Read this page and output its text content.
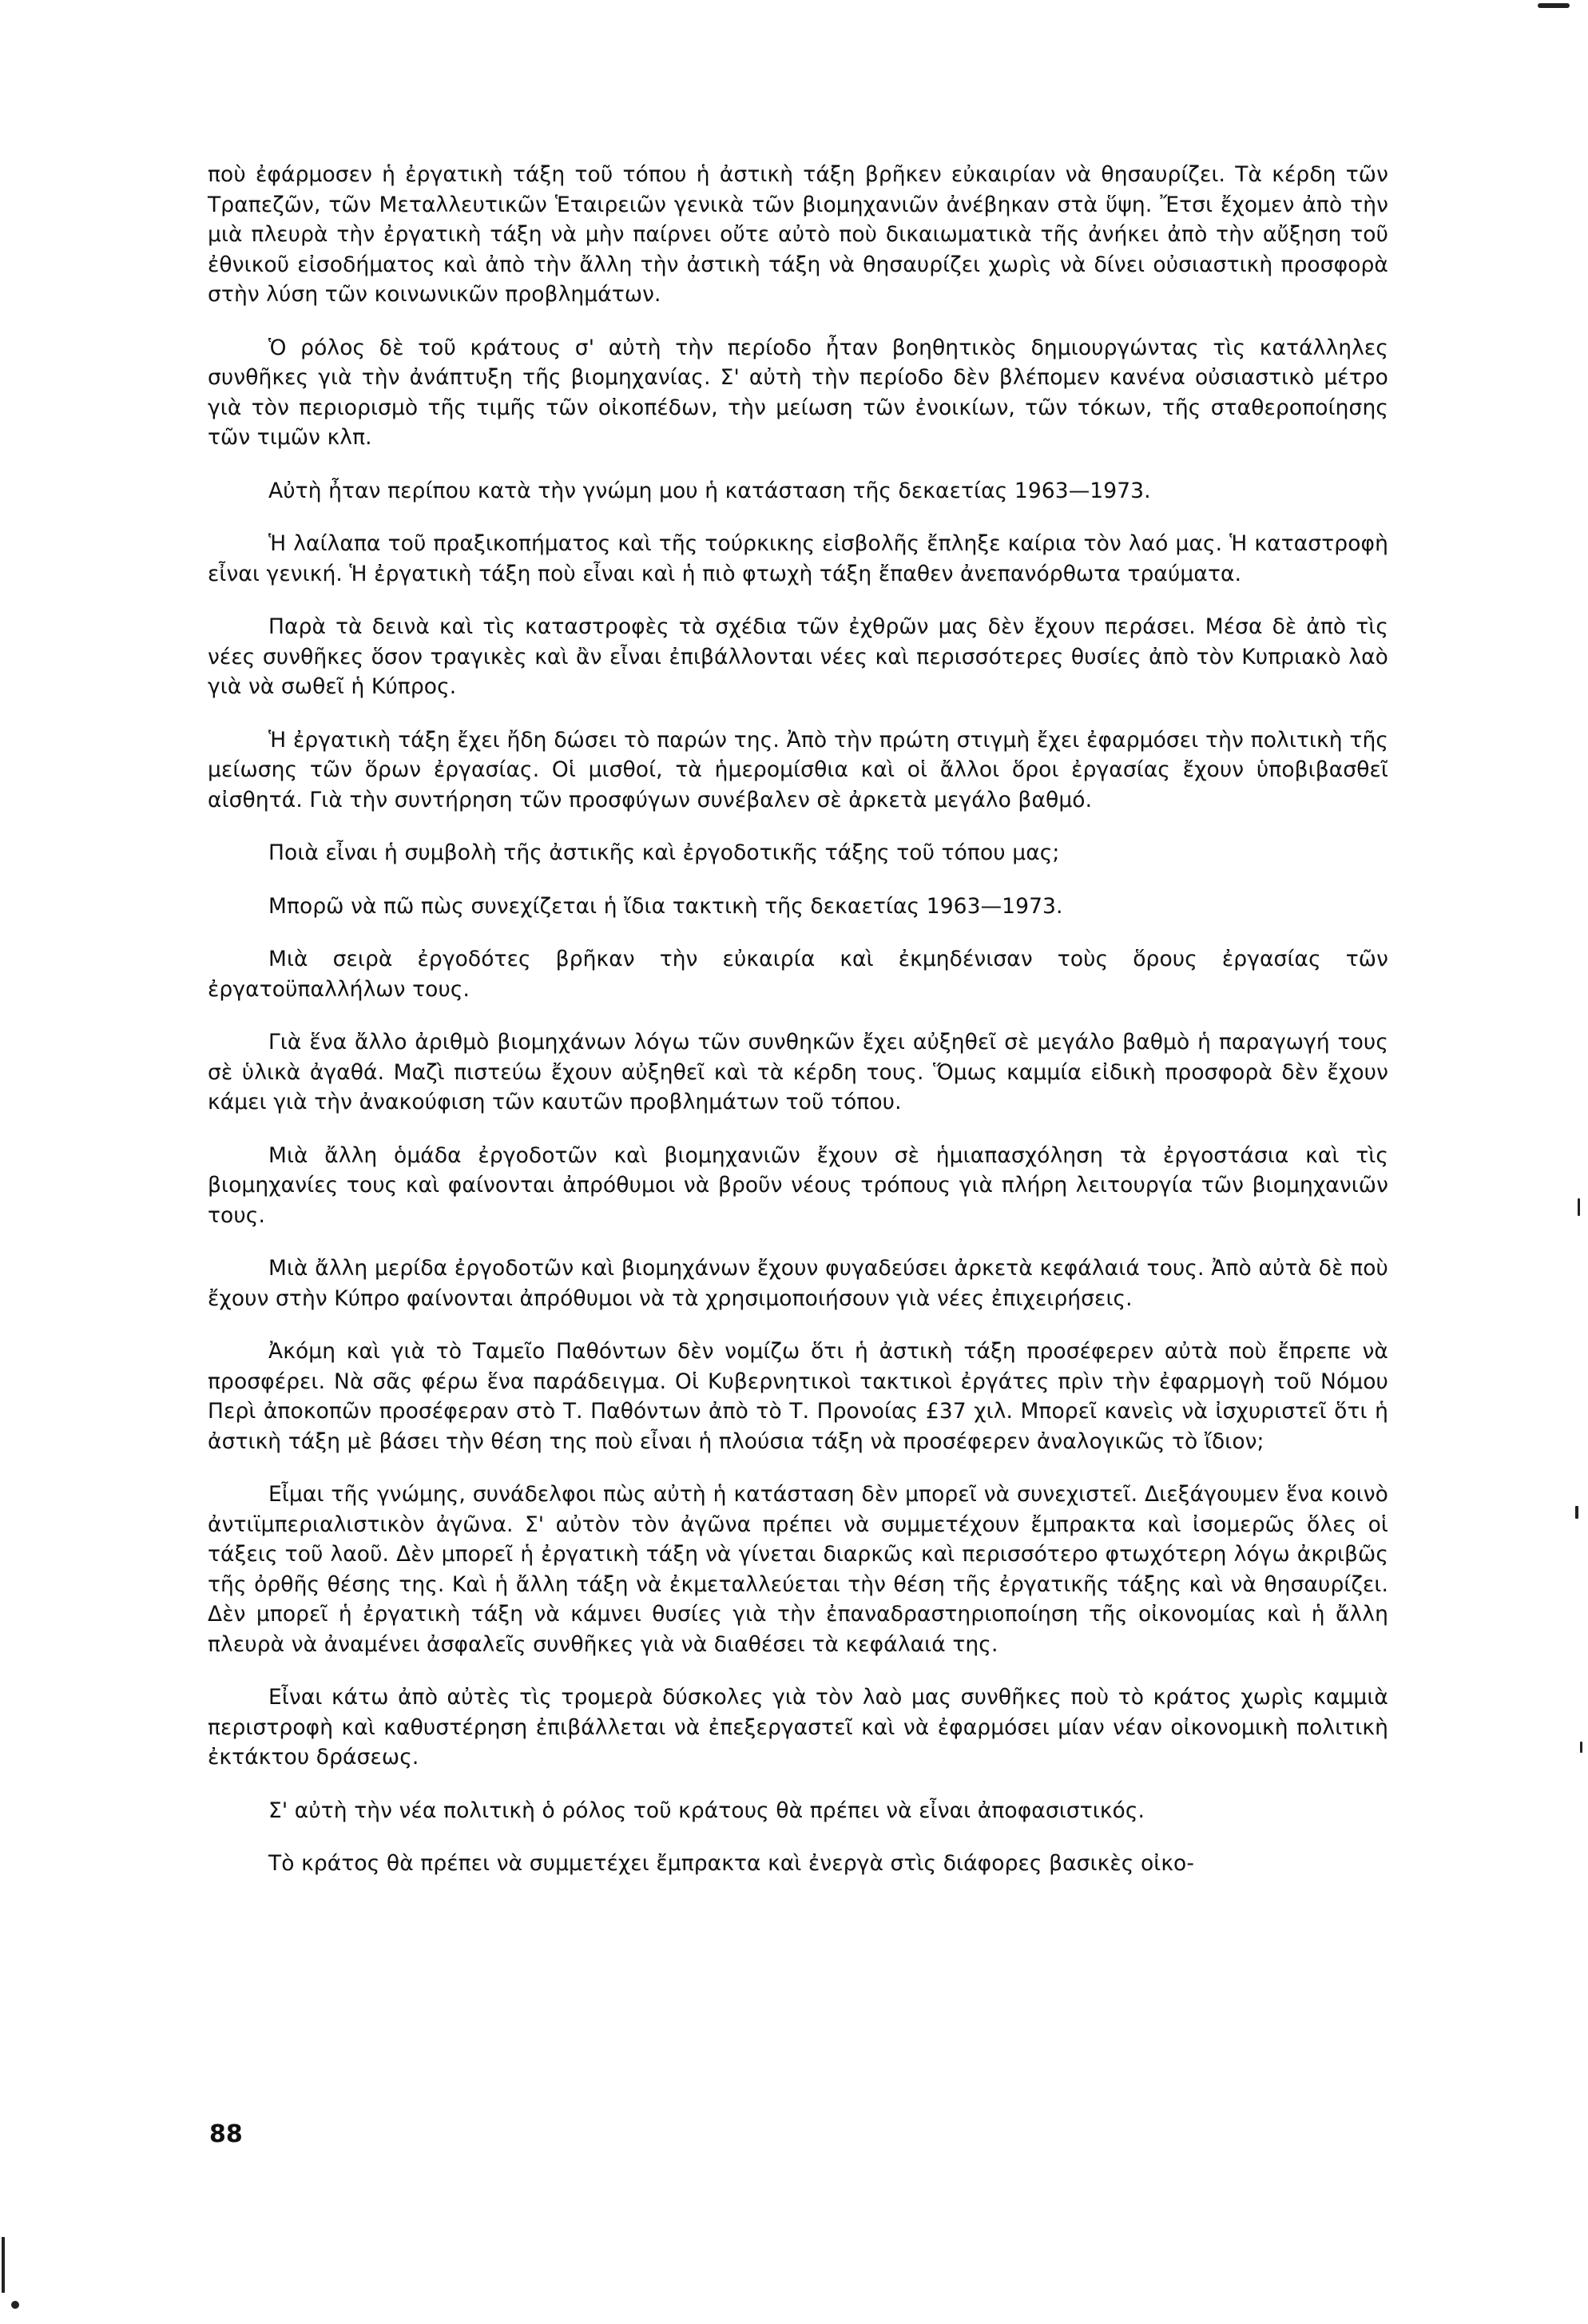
ποὺ ἐφάρμοσεν ἡ ἐργατικὴ τάξη τοῦ τόπου ἡ ἀστικὴ τάξη βρῆκεν εὐκαιρίαν νὰ θησαυρίζει. Τὰ κέρδη τῶν Τραπεζῶν, τῶν Μεταλλευτικῶν Ἑταιρειῶν γενικὰ τῶν βιομηχανιῶν ἀνέβηκαν στὰ ὕψη. Ἔτσι ἔχομεν ἀπὸ τὴν μιὰ πλευρὰ τὴν ἐργατικὴ τάξη νὰ μὴν παίρνει οὔτε αὐτὸ ποὺ δικαιωματικὰ τῆς ἀνήκει ἀπὸ τὴν αὔξηση τοῦ ἐθνικοῦ εἰσοδήματος καὶ ἀπὸ τὴν ἄλλη τὴν ἀστικὴ τάξη νὰ θησαυρίζει χωρὶς νὰ δίνει οὐσιαστικὴ προσφορὰ στὴν λύση τῶν κοινωνικῶν προβλημάτων.

Ὁ ρόλος δὲ τοῦ κράτους σ' αὐτὴ τὴν περίοδο ἦταν βοηθητικὸς δημιουργώντας τὶς κατάλληλες συνθῆκες γιὰ τὴν ἀνάπτυξη τῆς βιομηχανίας. Σ' αὐτὴ τὴν περίοδο δὲν βλέπομεν κανένα οὐσιαστικὸ μέτρο γιὰ τὸν περιορισμὸ τῆς τιμῆς τῶν οἰκοπέδων, τὴν μείωση τῶν ἐνοικίων, τῶν τόκων, τῆς σταθεροποίησης τῶν τιμῶν κλπ.

Αὐτὴ ἦταν περίπου κατὰ τὴν γνώμη μου ἡ κατάσταση τῆς δεκαετίας 1963—1973.

Ἡ λαίλαπα τοῦ πραξικοπήματος καὶ τῆς τούρκικης εἰσβολῆς ἔπληξε καίρια τὸν λαό μας. Ἡ καταστροφὴ εἶναι γενική. Ἡ ἐργατικὴ τάξη ποὺ εἶναι καὶ ἡ πιὸ φτωχὴ τάξη ἔπαθεν ἀνεπανόρθωτα τραύματα.

Παρὰ τὰ δεινὰ καὶ τὶς καταστροφὲς τὰ σχέδια τῶν ἐχθρῶν μας δὲν ἔχουν περάσει. Μέσα δὲ ἀπὸ τὶς νέες συνθῆκες ὅσον τραγικὲς καὶ ἂν εἶναι ἐπιβάλλονται νέες καὶ περισσότερες θυσίες ἀπὸ τὸν Κυπριακὸ λαὸ γιὰ νὰ σωθεῖ ἡ Κύπρος.

Ἡ ἐργατικὴ τάξη ἔχει ἤδη δώσει τὸ παρών της. Ἀπὸ τὴν πρώτη στιγμὴ ἔχει ἐφαρμόσει τὴν πολιτικὴ τῆς μείωσης τῶν ὅρων ἐργασίας. Οἱ μισθοί, τὰ ἡμερομίσθια καὶ οἱ ἄλλοι ὅροι ἐργασίας ἔχουν ὑποβιβασθεῖ αἰσθητά. Γιὰ τὴν συντήρηση τῶν προσφύγων συνέβαλεν σὲ ἀρκετὰ μεγάλο βαθμό.

Ποιὰ εἶναι ἡ συμβολὴ τῆς ἀστικῆς καὶ ἐργοδοτικῆς τάξης τοῦ τόπου μας;

Μπορῶ νὰ πῶ πὼς συνεχίζεται ἡ ἴδια τακτικὴ τῆς δεκαετίας 1963—1973.

Μιὰ σειρὰ ἐργοδότες βρῆκαν τὴν εὐκαιρία καὶ ἐκμηδένισαν τοὺς ὅρους ἐργασίας τῶν ἐργατοϋπαλλήλων τους.

Γιὰ ἕνα ἄλλο ἀριθμὸ βιομηχάνων λόγω τῶν συνθηκῶν ἔχει αὐξηθεῖ σὲ μεγάλο βαθμὸ ἡ παραγωγή τους σὲ ὑλικὰ ἀγαθά. Μαζὶ πιστεύω ἔχουν αὐξηθεῖ καὶ τὰ κέρδη τους. Ὅμως καμμία εἰδικὴ προσφορὰ δὲν ἔχουν κάμει γιὰ τὴν ἀνακούφιση τῶν καυτῶν προβλημάτων τοῦ τόπου.

Μιὰ ἄλλη ὁμάδα ἐργοδοτῶν καὶ βιομηχανιῶν ἔχουν σὲ ἡμιαπασχόληση τὰ ἐργοστάσια καὶ τὶς βιομηχανίες τους καὶ φαίνονται ἀπρόθυμοι νὰ βροῦν νέους τρόπους γιὰ πλήρη λειτουργία τῶν βιομηχανιῶν τους.

Μιὰ ἄλλη μερίδα ἐργοδοτῶν καὶ βιομηχάνων ἔχουν φυγαδεύσει ἀρκετὰ κεφάλαιά τους. Ἀπὸ αὐτὰ δὲ ποὺ ἔχουν στὴν Κύπρο φαίνονται ἀπρόθυμοι νὰ τὰ χρησιμοποιήσουν γιὰ νέες ἐπιχειρήσεις.

Ἀκόμη καὶ γιὰ τὸ Ταμεῖο Παθόντων δὲν νομίζω ὅτι ἡ ἀστικὴ τάξη προσέφερεν αὐτὰ ποὺ ἔπρεπε νὰ προσφέρει. Νὰ σᾶς φέρω ἕνα παράδειγμα. Οἱ Κυβερνητικοὶ τακτικοὶ ἐργάτες πρὶν τὴν ἐφαρμογὴ τοῦ Νόμου Περὶ ἀποκοπῶν προσέφεραν στὸ Τ. Παθόντων ἀπὸ τὸ Τ. Προνοίας £37 χιλ. Μπορεῖ κανεὶς νὰ ἰσχυριστεῖ ὅτι ἡ ἀστικὴ τάξη μὲ βάσει τὴν θέση της ποὺ εἶναι ἡ πλούσια τάξη νὰ προσέφερεν ἀναλογικῶς τὸ ἴδιον;

Εἶμαι τῆς γνώμης, συνάδελφοι πὼς αὐτὴ ἡ κατάσταση δὲν μπορεῖ νὰ συνεχιστεῖ. Διεξάγουμεν ἕνα κοινὸ ἀντιϊμπεριαλιστικὸν ἀγῶνα. Σ' αὐτὸν τὸν ἀγῶνα πρέπει νὰ συμμετέχουν ἔμπρακτα καὶ ἰσομερῶς ὅλες οἱ τάξεις τοῦ λαοῦ. Δὲν μπορεῖ ἡ ἐργατικὴ τάξη νὰ γίνεται διαρκῶς καὶ περισσότερο φτωχότερη λόγω ἀκριβῶς τῆς ὀρθῆς θέσης της. Καὶ ἡ ἄλλη τάξη νὰ ἐκμεταλλεύεται τὴν θέση τῆς ἐργατικῆς τάξης καὶ νὰ θησαυρίζει. Δὲν μπορεῖ ἡ ἐργατικὴ τάξη νὰ κάμνει θυσίες γιὰ τὴν ἐπαναδραστηριοποίηση τῆς οἰκονομίας καὶ ἡ ἄλλη πλευρὰ νὰ ἀναμένει ἀσφαλεῖς συνθῆκες γιὰ νὰ διαθέσει τὰ κεφάλαιά της.

Εἶναι κάτω ἀπὸ αὐτὲς τὶς τρομερὰ δύσκολες γιὰ τὸν λαὸ μας συνθῆκες ποὺ τὸ κράτος χωρὶς καμμιὰ περιστροφὴ καὶ καθυστέρηση ἐπιβάλλεται νὰ ἐπεξεργαστεῖ καὶ νὰ ἐφαρμόσει μίαν νέαν οἰκονομικὴ πολιτικὴ ἐκτάκτου δράσεως.

Σ' αὐτὴ τὴν νέα πολιτικὴ ὁ ρόλος τοῦ κράτους θὰ πρέπει νὰ εἶναι ἀποφασιστικός.

Τὸ κράτος θὰ πρέπει νὰ συμμετέχει ἔμπρακτα καὶ ἐνεργὰ στὶς διάφορες βασικὲς οἰκο-

88
